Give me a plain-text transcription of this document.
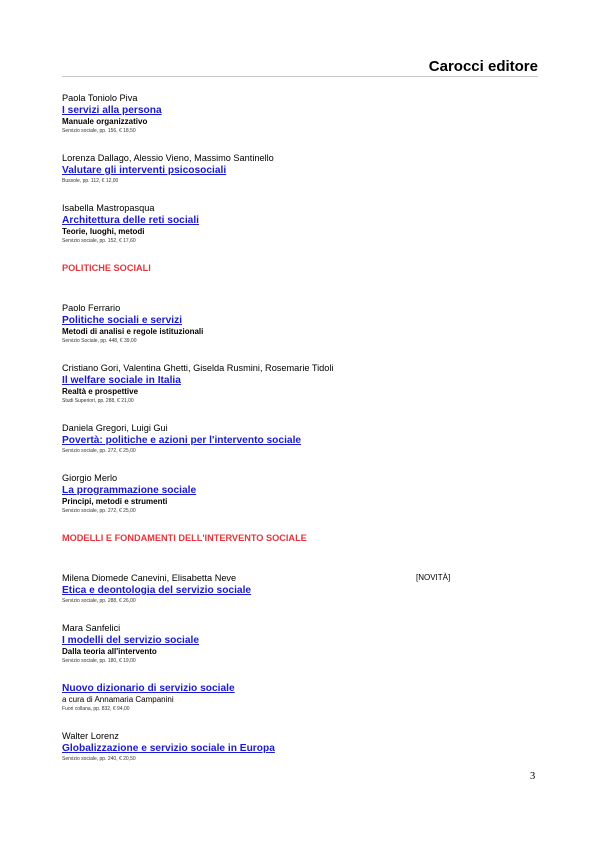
Carocci editore
Paola Toniolo Piva
I servizi alla persona
Manuale organizzativo
Servizio sociale, pp. 156, € 18,50
Lorenza Dallago, Alessio Vieno, Massimo Santinello
Valutare gli interventi psicosociali
Bussole, pp. 112, € 12,00
Isabella Mastropasqua
Architettura delle reti sociali
Teorie, luoghi, metodi
Servizio sociale, pp. 152, € 17,60
POLITICHE SOCIALI
Paolo Ferrario
Politiche sociali e servizi
Metodi di analisi e regole istituzionali
Servizio Sociale, pp. 448, € 39,00
Cristiano Gori, Valentina Ghetti, Giselda Rusmini, Rosemarie Tidoli
Il welfare sociale in Italia
Realtà e prospettive
Studi Superiori, pp. 288, € 21,00
Daniela Gregori, Luigi Gui
Povertà: politiche e azioni per l'intervento sociale
Servizio sociale, pp. 272, € 25,00
Giorgio Merlo
La programmazione sociale
Principi, metodi e strumenti
Servizio sociale, pp. 272, € 25,00
MODELLI E FONDAMENTI DELL'INTERVENTO SOCIALE
Milena Diomede Canevini, Elisabetta Neve	[NOVITÀ]
Etica e deontologia del servizio sociale
Servizio sociale, pp. 288, € 26,00
Mara Sanfelici
I modelli del servizio sociale
Dalla teoria all'intervento
Servizio sociale, pp. 180, € 19,00
Nuovo dizionario di servizio sociale
a cura di Annamaria Campanini
Fuori collana, pp. 832, € 94,00
Walter Lorenz
Globalizzazione e servizio sociale in Europa
Servizio sociale, pp. 240, € 20,50
3
